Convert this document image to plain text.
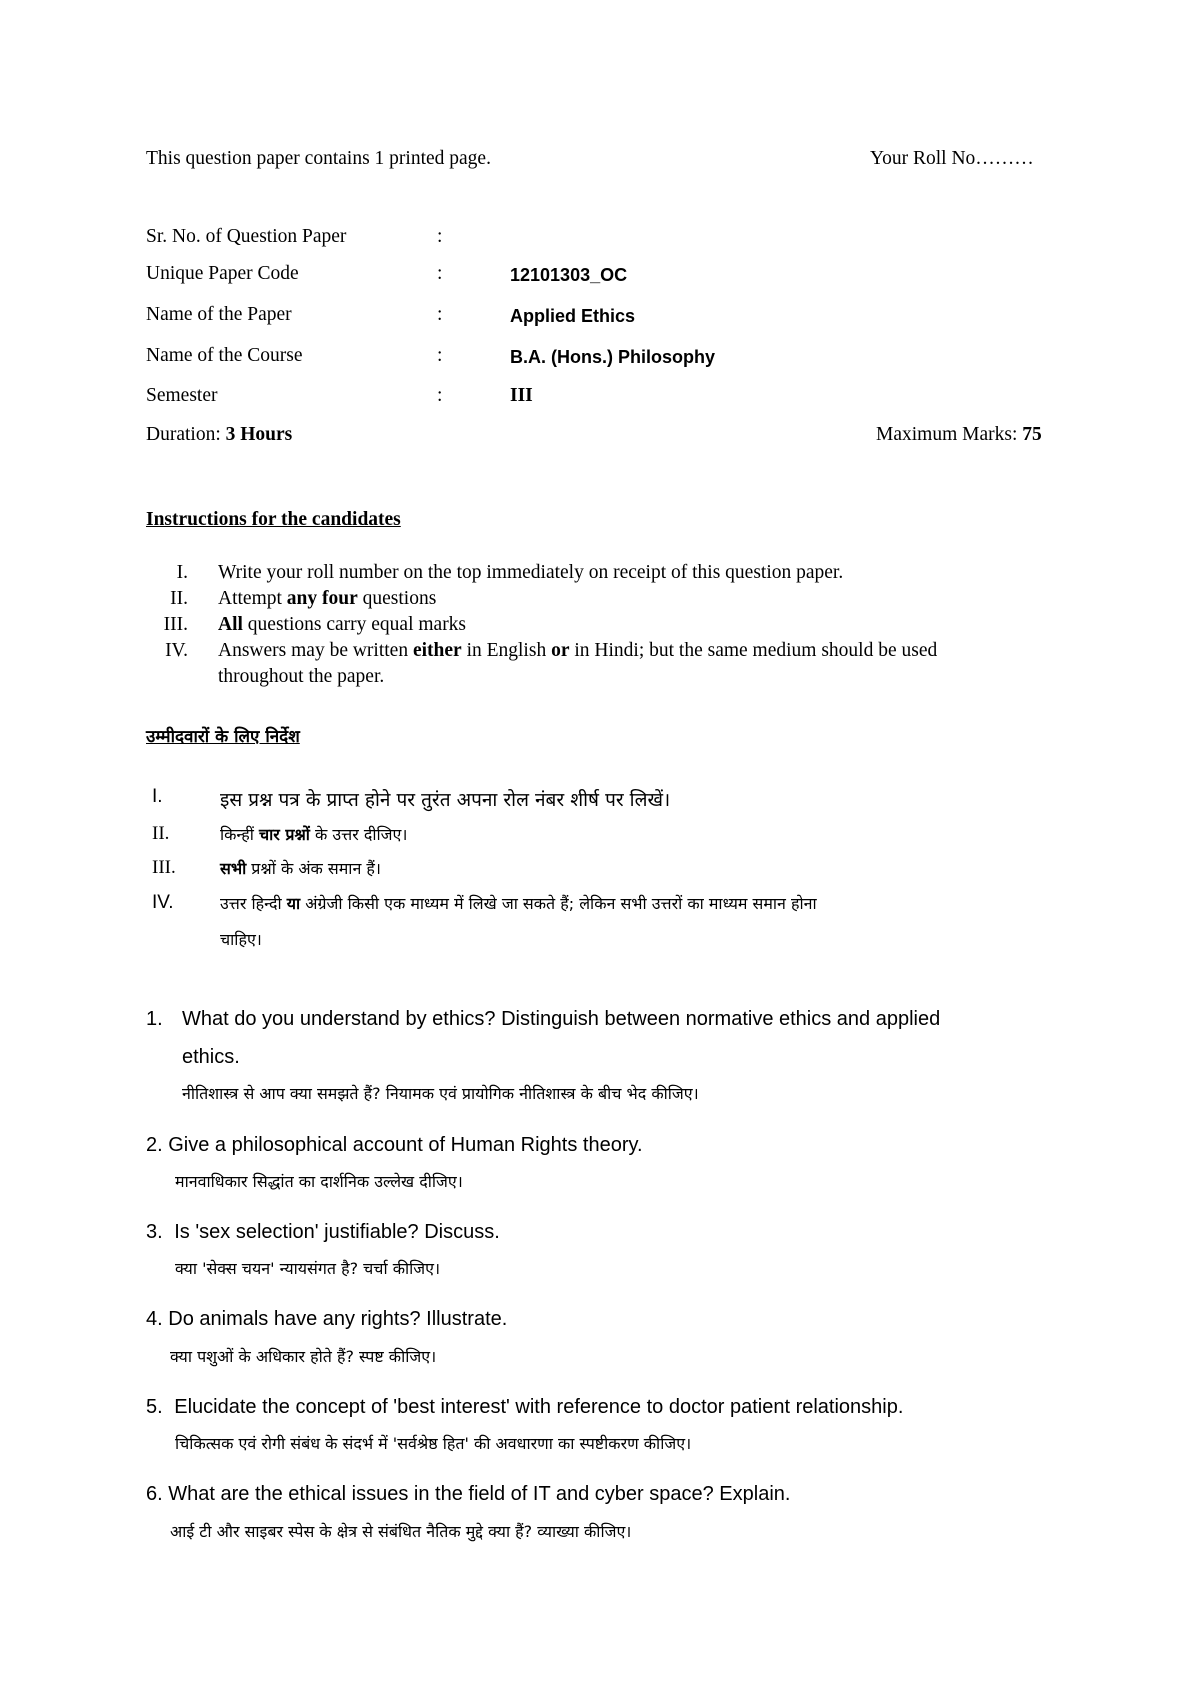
This question paper contains 1 printed page.	Your Roll No………
Sr. No. of Question Paper	:
Unique Paper Code	:	12101303_OC
Name of the Paper	:	Applied Ethics
Name of the Course	:	B.A. (Hons.) Philosophy
Semester	:	III
Duration: 3 Hours	Maximum Marks: 75
Instructions for the candidates
I. Write your roll number on the top immediately on receipt of this question paper.
II. Attempt any four questions
III. All questions carry equal marks
IV. Answers may be written either in English or in Hindi; but the same medium should be used
throughout the paper.
उम्मीदवारों के लिए निर्देश
I.	इस प्रश्न पत्र के प्राप्त होने पर तुरंत अपना रोल नंबर शीर्ष पर लिखें।
II.	किन्हीं चार प्रश्नों के उत्तर दीजिए।
III.	सभी प्रश्नों के अंक समान हैं।
IV.	उत्तर हिन्दी या अंग्रेजी किसी एक माध्यम में लिखे जा सकते हैं; लेकिन सभी उत्तरों का माध्यम समान होना
चाहिए।
1. What do you understand by ethics? Distinguish between normative ethics and applied
ethics.
नीतिशास्त्र से आप क्या समझते हैं? नियामक एवं प्रायोगिक नीतिशास्त्र के बीच भेद कीजिए।
2. Give a philosophical account of Human Rights theory.
मानवाधिकार सिद्धांत का दार्शनिक उल्लेख दीजिए।
3. Is 'sex selection' justifiable? Discuss.
क्या 'सेक्स चयन' न्यायसंगत है? चर्चा कीजिए।
4. Do animals have any rights? Illustrate.
क्या पशुओं के अधिकार होते हैं? स्पष्ट कीजिए।
5. Elucidate the concept of 'best interest' with reference to doctor patient relationship.
चिकित्सक एवं रोगी संबंध के संदर्भ में 'सर्वश्रेष्ठ हित' की अवधारणा का स्पष्टीकरण कीजिए।
6. What are the ethical issues in the field of IT and cyber space? Explain.
आई टी और साइबर स्पेस के क्षेत्र से संबंधित नैतिक मुद्दे क्या हैं? व्याख्या कीजिए।
